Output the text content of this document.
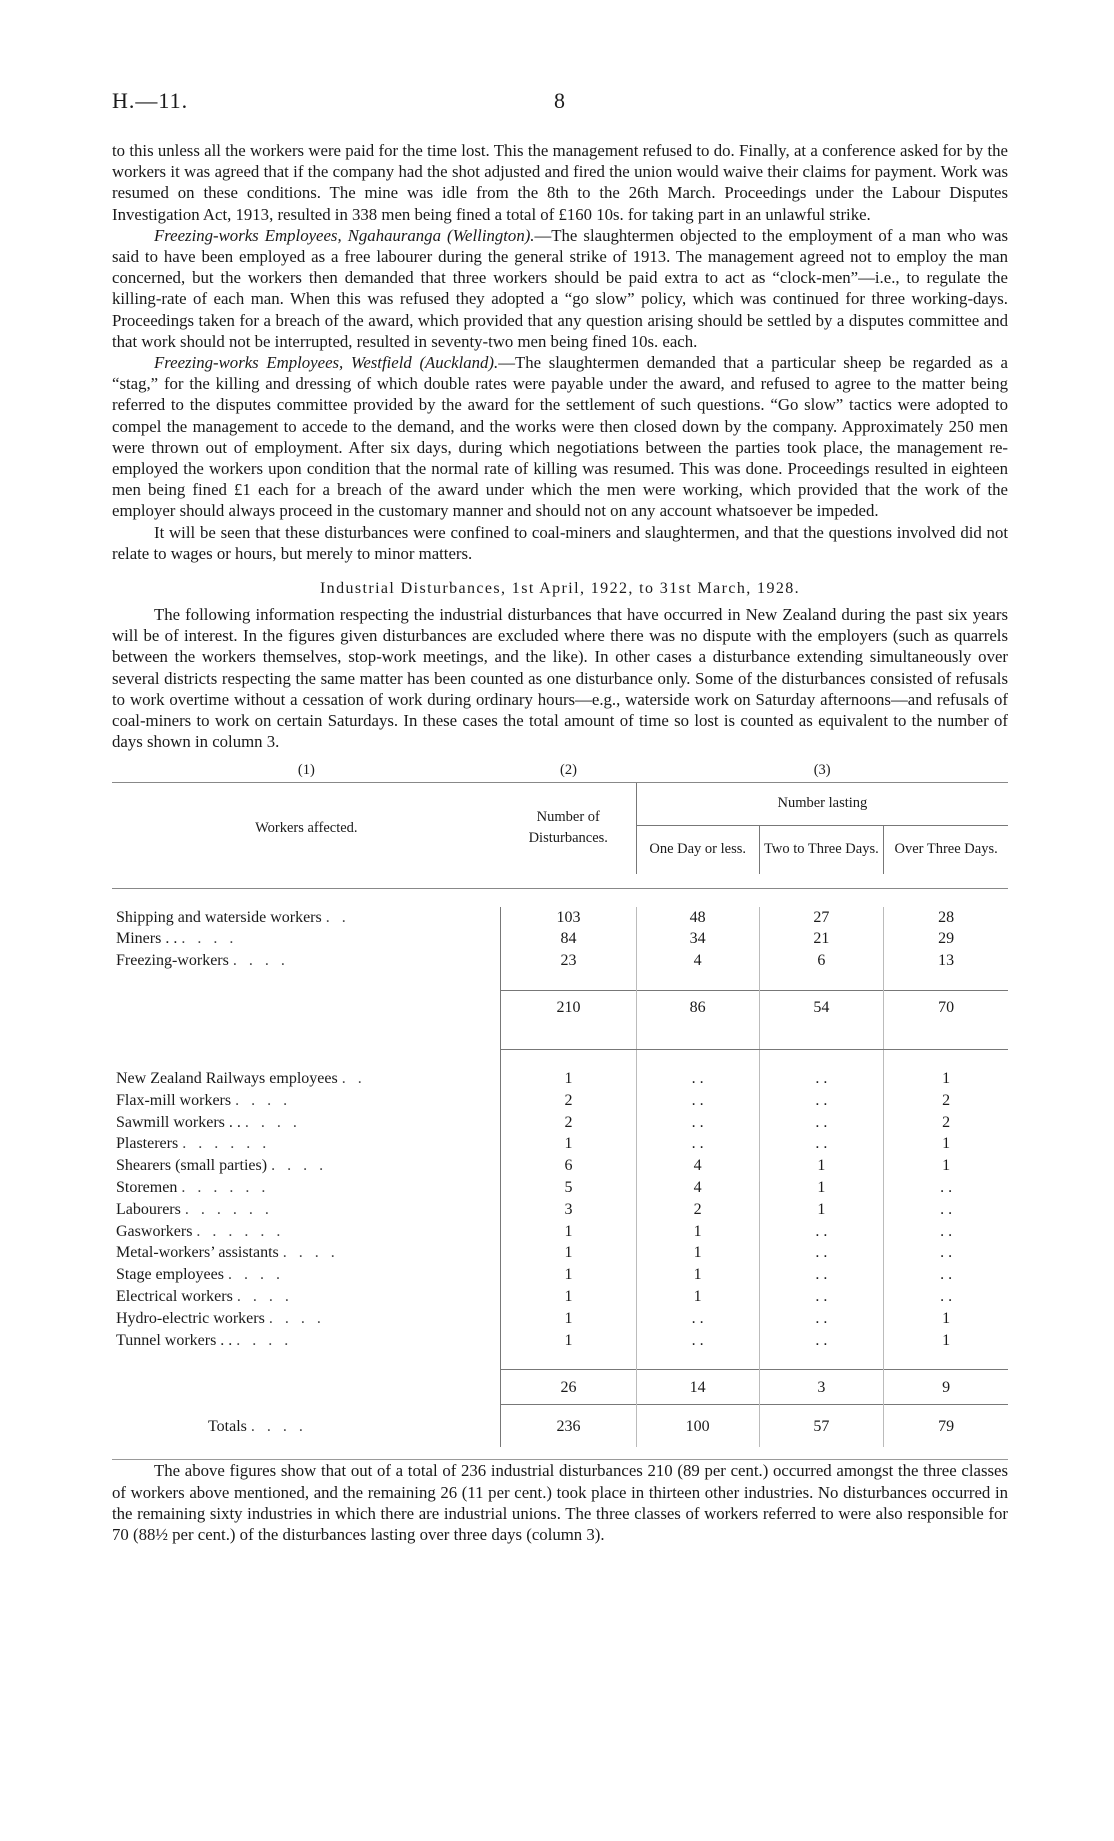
H.—11.	8

to this unless all the workers were paid for the time lost. This the management refused to do. Finally, at a conference asked for by the workers it was agreed that if the company had the shot adjusted and fired the union would waive their claims for payment. Work was resumed on these conditions. The mine was idle from the 8th to the 26th March. Proceedings under the Labour Disputes Investigation Act, 1913, resulted in 338 men being fined a total of £160 10s. for taking part in an unlawful strike.

Freezing-works Employees, Ngahauranga (Wellington).—The slaughtermen objected to the employment of a man who was said to have been employed as a free labourer during the general strike of 1913. The management agreed not to employ the man concerned, but the workers then demanded that three workers should be paid extra to act as “clock-men”—i.e., to regulate the killing-rate of each man. When this was refused they adopted a “go slow” policy, which was continued for three working-days. Proceedings taken for a breach of the award, which provided that any question arising should be settled by a disputes committee and that work should not be interrupted, resulted in seventy-two men being fined 10s. each.

Freezing-works Employees, Westfield (Auckland).—The slaughtermen demanded that a particular sheep be regarded as a “stag,” for the killing and dressing of which double rates were payable under the award, and refused to agree to the matter being referred to the disputes committee provided by the award for the settlement of such questions. “Go slow” tactics were adopted to compel the management to accede to the demand, and the works were then closed down by the company. Approximately 250 men were thrown out of employment. After six days, during which negotiations between the parties took place, the management re-employed the workers upon condition that the normal rate of killing was resumed. This was done. Proceedings resulted in eighteen men being fined £1 each for a breach of the award under which the men were working, which provided that the work of the employer should always proceed in the customary manner and should not on any account whatsoever be impeded.

It will be seen that these disturbances were confined to coal-miners and slaughtermen, and that the questions involved did not relate to wages or hours, but merely to minor matters.

Industrial Disturbances, 1st April, 1922, to 31st March, 1928.

The following information respecting the industrial disturbances that have occurred in New Zealand during the past six years will be of interest. In the figures given disturbances are excluded where there was no dispute with the employers (such as quarrels between the workers themselves, stop-work meetings, and the like). In other cases a disturbance extending simultaneously over several districts respecting the same matter has been counted as one disturbance only. Some of the disturbances consisted of refusals to work overtime without a cessation of work during ordinary hours—e.g., waterside work on Saturday afternoons—and refusals of coal-miners to work on certain Saturdays. In these cases the total amount of time so lost is counted as equivalent to the number of days shown in column 3.

(1)	(2)	(3)		

Workers affected.	Number of Disturbances.	Number lasting		
		One Day or less.	Two to Three Days.	Over Three Days.

Shipping and waterside workers . .	103	48	27	28
Miners . . . . . .	84	34	21	29
Freezing-workers . . . .	23	4	6	13

	210	86	54	70

New Zealand Railways employees . .	1	. .	. .	1
Flax-mill workers . . . .	2	. .	. .	2
Sawmill workers . . . . . .	2	. .	. .	2
Plasterers . . . . . .	1	. .	. .	1
Shearers (small parties) . . . .	6	4	1	1
Storemen . . . . . .	5	4	1	. .
Labourers . . . . . .	3	2	1	. .
Gasworkers . . . . . .	1	1	. .	. .
Metal-workers’ assistants . . . .	1	1	. .	. .
Stage employees . . . .	1	1	. .	. .
Electrical workers . . . .	1	1	. .	. .
Hydro-electric workers . . . .	1	. .	. .	1
Tunnel workers . . . . . .	1	. .	. .	1

	26	14	3	9
Totals . . . .	236	100	57	79

The above figures show that out of a total of 236 industrial disturbances 210 (89 per cent.) occurred amongst the three classes of workers above mentioned, and the remaining 26 (11 per cent.) took place in thirteen other industries. No disturbances occurred in the remaining sixty industries in which there are industrial unions. The three classes of workers referred to were also responsible for 70 (88½ per cent.) of the disturbances lasting over three days (column 3).
